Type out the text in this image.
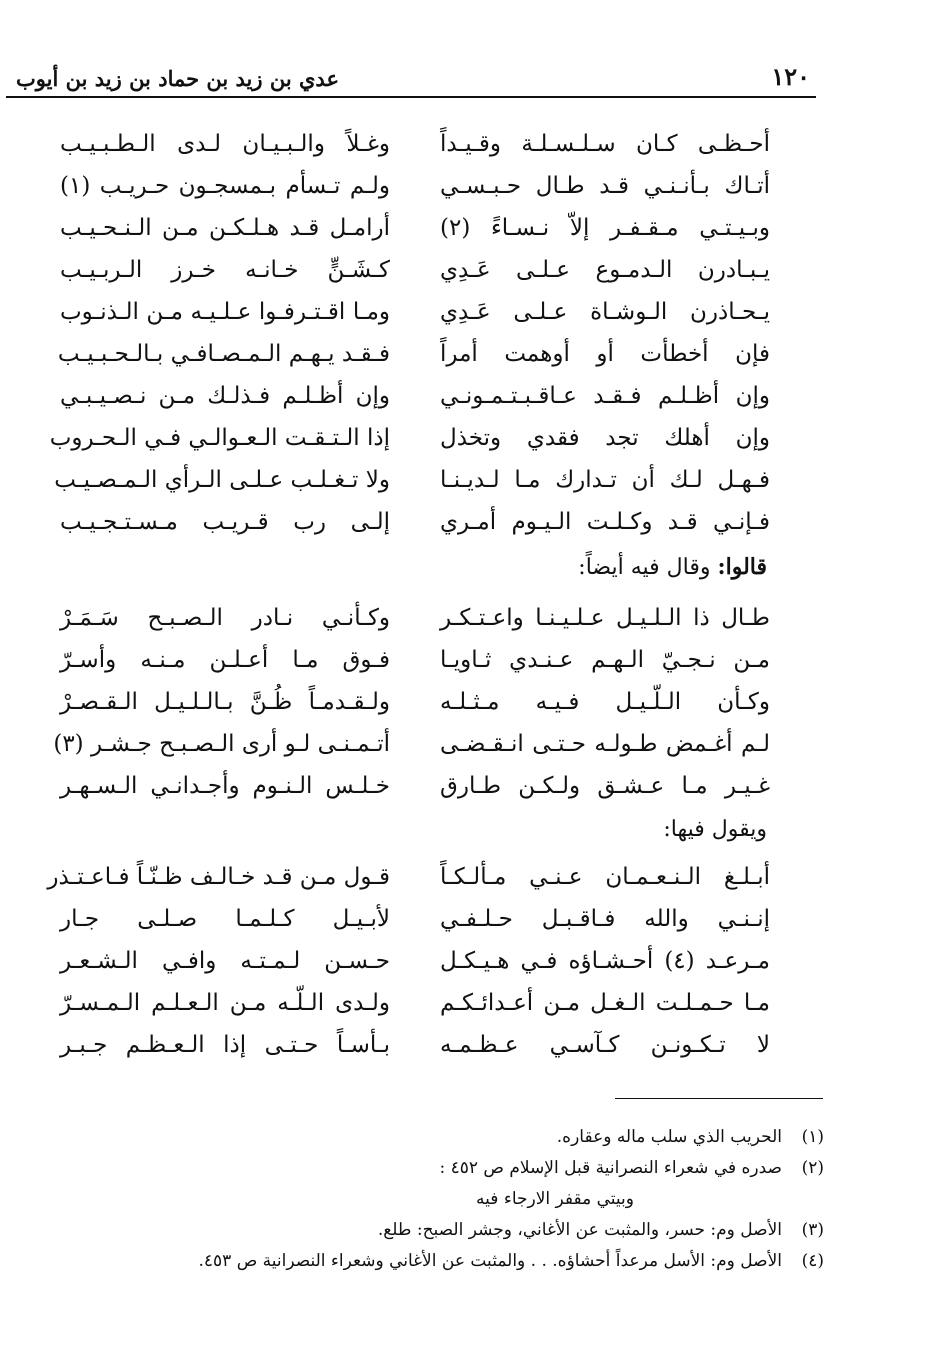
١٢٠
عدي بن زيد بن حماد بن زيد بن أيوب
أحـظـى كـان سـلـسـلـة وقـيـداً
وغـلاً والـبـيـان لـدى الـطـبـيـب
أتـاك بـأنـنـي قـد طـال حـبـسـي
ولـم تـسأم بـمسجـون حـريـب (١)
وبـيـتـي مـقـفـر إلاّ نـسـاءً (٢)
أرامـل قـد هـلـكـن مـن الـنـحـيـب
يـبـادرن الـدمـوع عـلـى عَـدِي
كـشَـنٍّ خـانـه خـرز الـربـيـب
يـحـاذرن الـوشـاة عـلـى عَـدِي
ومـا اقـتـرفـوا عـلـيـه مـن الـذنـوب
فإن أخطأت أو أوهمت أمراً
فـقـد يـهـم الـمـصـافـي بـالـحـبـيـب
وإن أظـلـم فـقـد عـاقـبـتـمـونـي
وإن أظـلـم فـذلـك مـن نـصـيـبـي
وإن أهلك تجد فقدي وتخذل
إذا الـتـقـت الـعـوالـي فـي الـحـروب
فـهـل لـك أن تـدارك مـا لـديـنـا
ولا تـغـلـب عـلـى الـرأي الـمـصـيـب
فـإنـي قـد وكـلـت الـيـوم أمـري
إلـى رب قـريـب مـسـتـجـيـب
قالوا: وقال فيه أيضاً:
طـال ذا الـلـيـل عـلـيـنـا واعـتـكـر
وكـأنـي نـادر الـصـبـح سَـمَـرْ
مـن نـجـيّ الـهـم عـنـدي ثـاويـا
فـوق مـا أعـلـن مـنـه وأسـرّ
وكـأن الـلّـيـل فـيـه مـثـلـه
ولـقـدمـاً ظُـنَّ بـالـلـيـل الـقـصـرْ
لـم أغـمض طـولـه حـتـى انـقـضـى
أتـمـنـى لـو أرى الـصـبـح جـشـر (٣)
غـيـر مـا عـشـق ولـكـن طـارق
خـلـس الـنـوم وأجـدانـي الـسـهـر
ويقول فيها:
أبـلـغ الـنـعـمـان عـنـي مـألـكـاً
قـول مـن قـد خـالـف ظـنّـاً فـاعـتـذر
إنـنـي والله فـاقـبـل حـلـفـي
لأبـيـل كـلـمـا صـلـى جـار
مـرعـد (٤) أحـشـاؤه فـي هـيـكـل
حـسـن لـمـتـه وافـي الـشـعـر
مـا حـمـلـت الـغـل مـن أعـدائـكـم
ولـدى الـلّـه مـن الـعـلـم الـمـسـرّ
لا تـكـونـن كـآسـي عـظـمـه
بـأسـاً حـتـى إذا الـعـظـم جـبـر
(١)الحريب الذي سلب ماله وعقاره.
(٢)صدره في شعراء النصرانية قبل الإسلام ص ٤٥٢ :
وبيتي مقفر الارجاء فيه
(٣)الأصل وم: حسر، والمثبت عن الأغاني، وجشر الصبح: طلع.
(٤)الأصل وم: الأسل مرعداً أحشاؤه. . . والمثبت عن الأغاني وشعراء النصرانية ص ٤٥٣.
